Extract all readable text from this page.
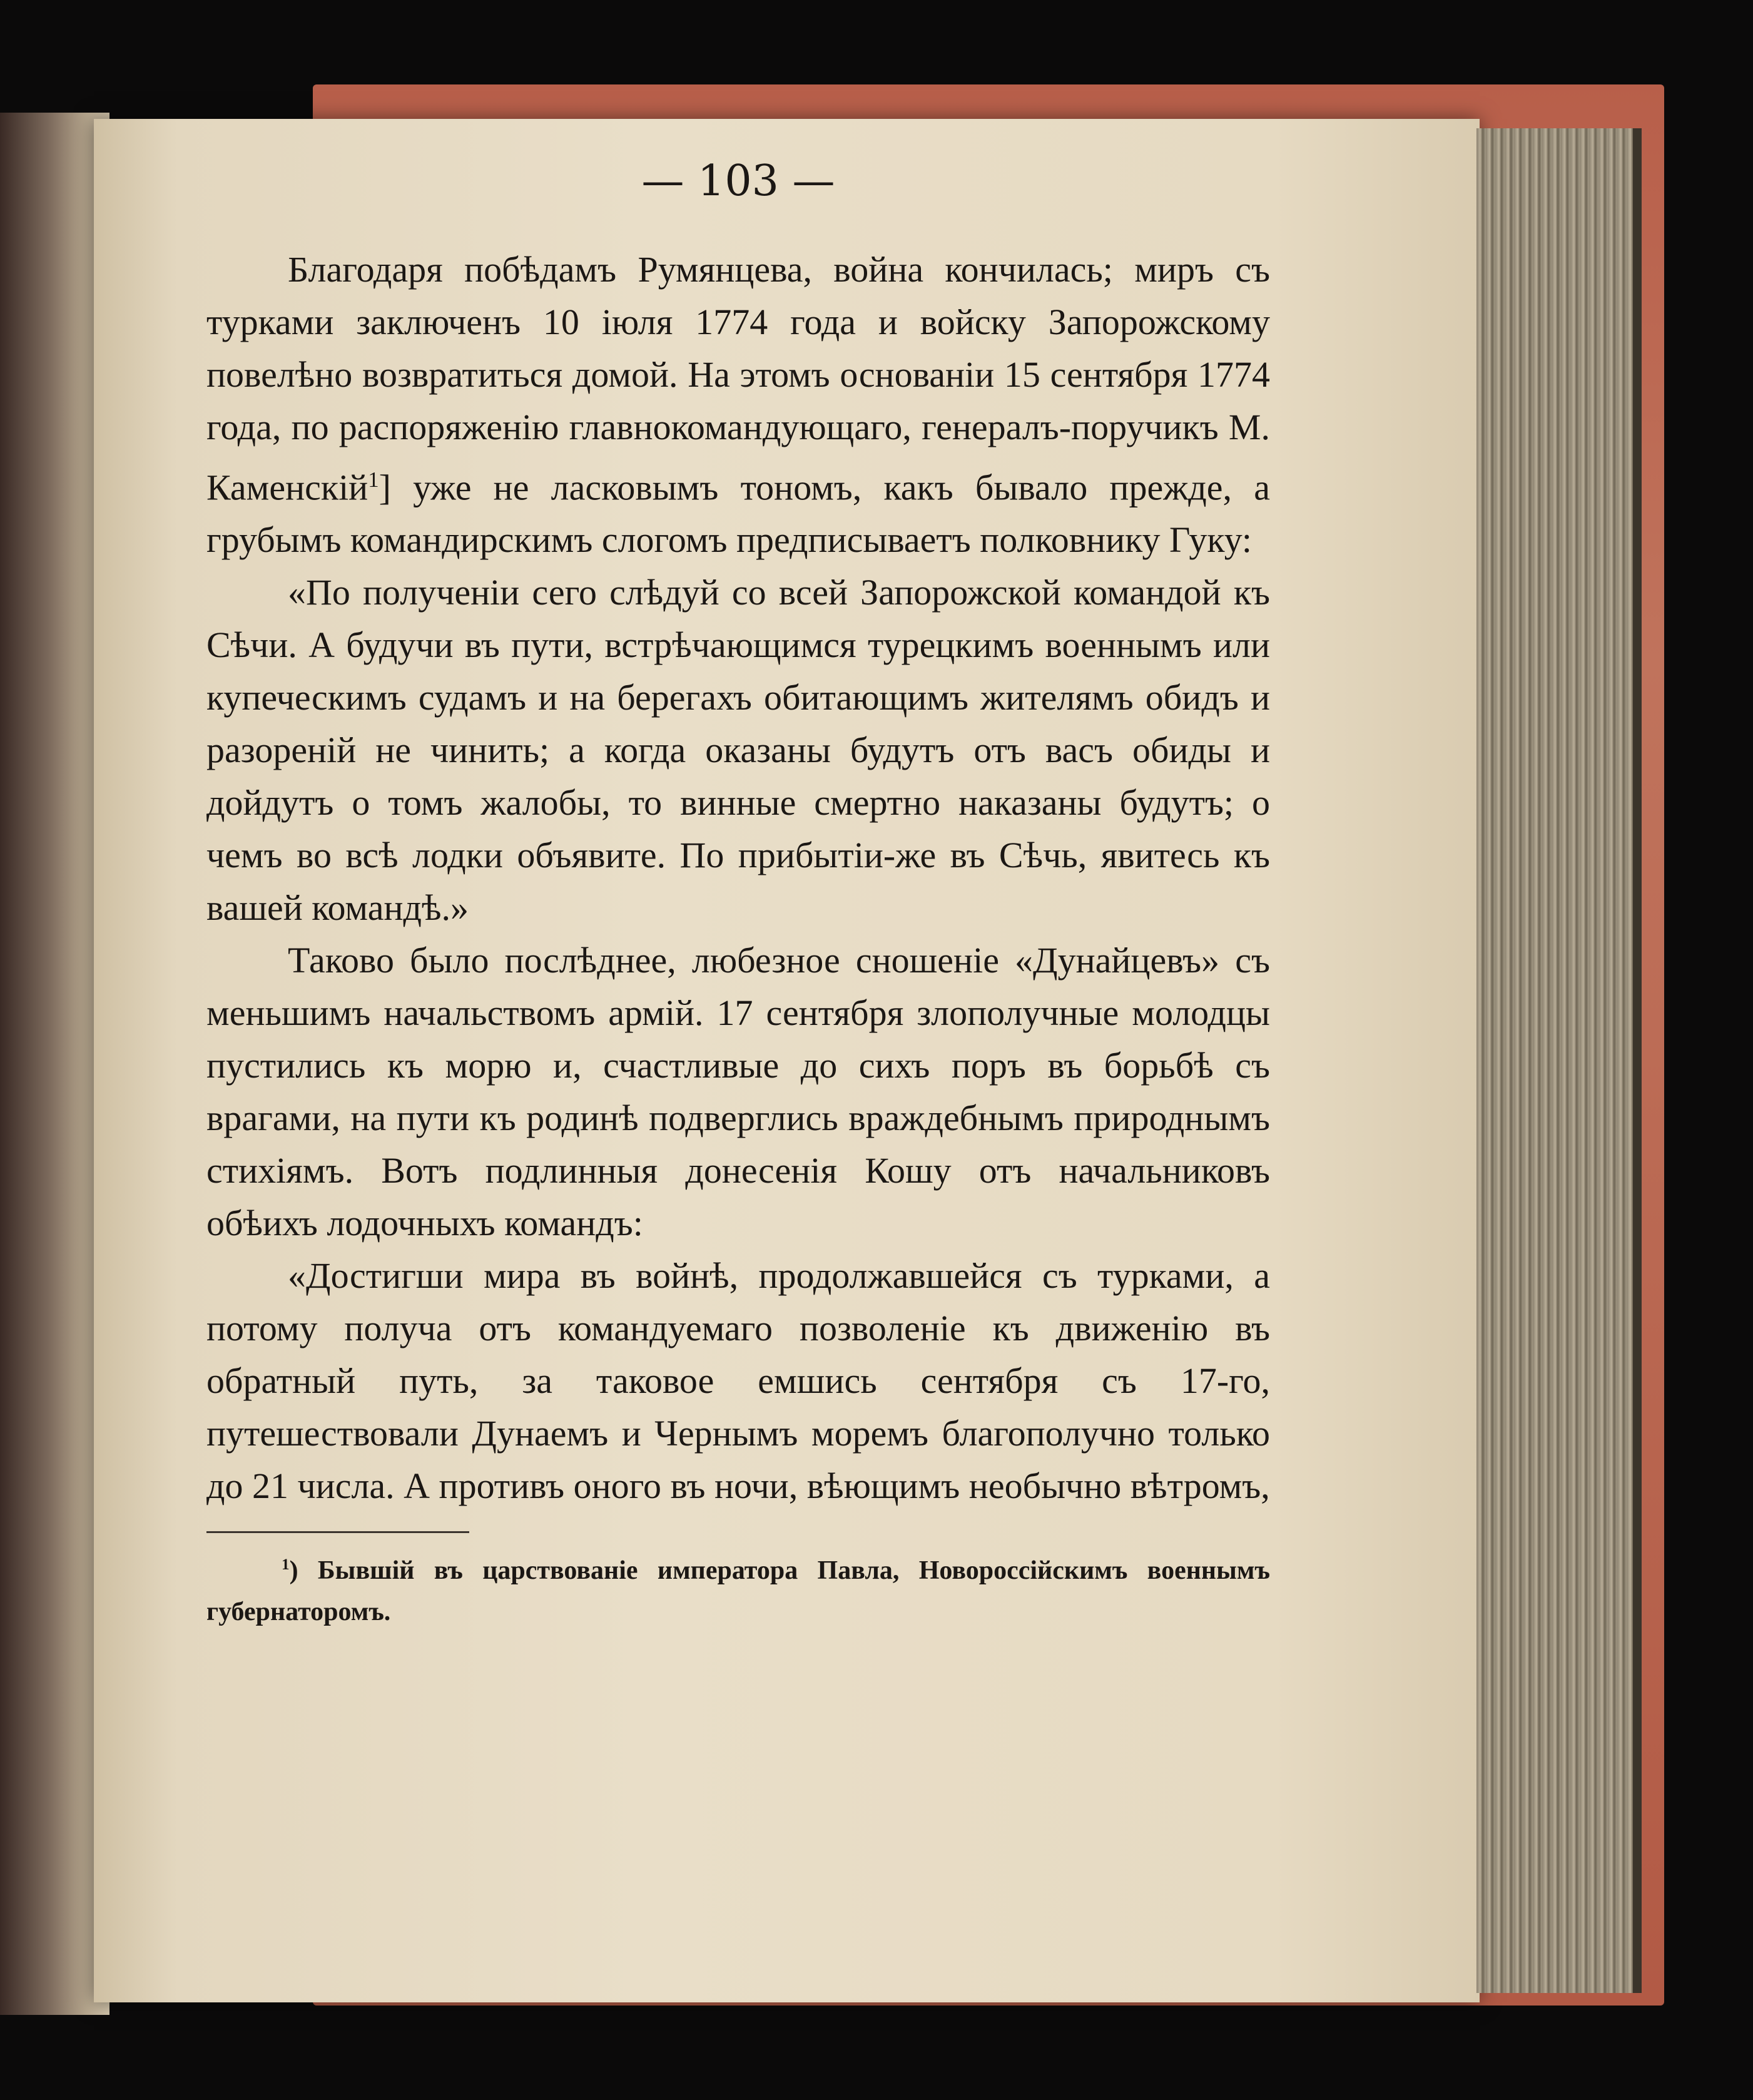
— 103 —

Благодаря побѣдамъ Румянцева, война кончилась; миръ съ турками заключенъ 10 іюля 1774 года и войску Запорожскому повелѣно возвратиться домой. На этомъ основаніи 15 сентября 1774 года, по распоряженію главнокомандующаго, генералъ-поручикъ М. Каменскій$^1$] уже не ласковымъ тономъ, какъ бывало прежде, а грубымъ командирскимъ слогомъ предписываетъ полковнику Гуку:

«По полученіи сего слѣдуй со всей Запорожской командой къ Сѣчи. А будучи въ пути, встрѣчающимся турецкимъ военнымъ или купеческимъ судамъ и на берегахъ обитающимъ жителямъ обидъ и разореній не чинить; а когда оказаны будутъ отъ васъ обиды и дойдутъ о томъ жалобы, то винные смертно наказаны будутъ; о чемъ во всѣ лодки объявите. По прибытіи-же въ Сѣчь, явитесь къ вашей командѣ.»

Таково было послѣднее, любезное сношеніе «Дунайцевъ» съ меньшимъ начальствомъ армій. 17 сентября злополучные молодцы пустились къ морю и, счастливые до сихъ поръ въ борьбѣ съ врагами, на пути къ родинѣ подверглись враждебнымъ природнымъ стихіямъ. Вотъ подлинныя донесенія Кошу отъ начальниковъ обѣихъ лодочныхъ командъ:

«Достигши мира въ войнѣ, продолжавшейся съ турками, а потому получа отъ командуемаго позволеніе къ движенію въ обратный путь, за таковое емшись сентября съ 17-го, путешествовали Дунаемъ и Чернымъ моремъ благополучно только до 21 числа. А противъ оного въ ночи, вѣющимъ необычно вѣтромъ,

$^1$) Бывшій въ царствованіе императора Павла, Новороссійскимъ военнымъ губернаторомъ.
